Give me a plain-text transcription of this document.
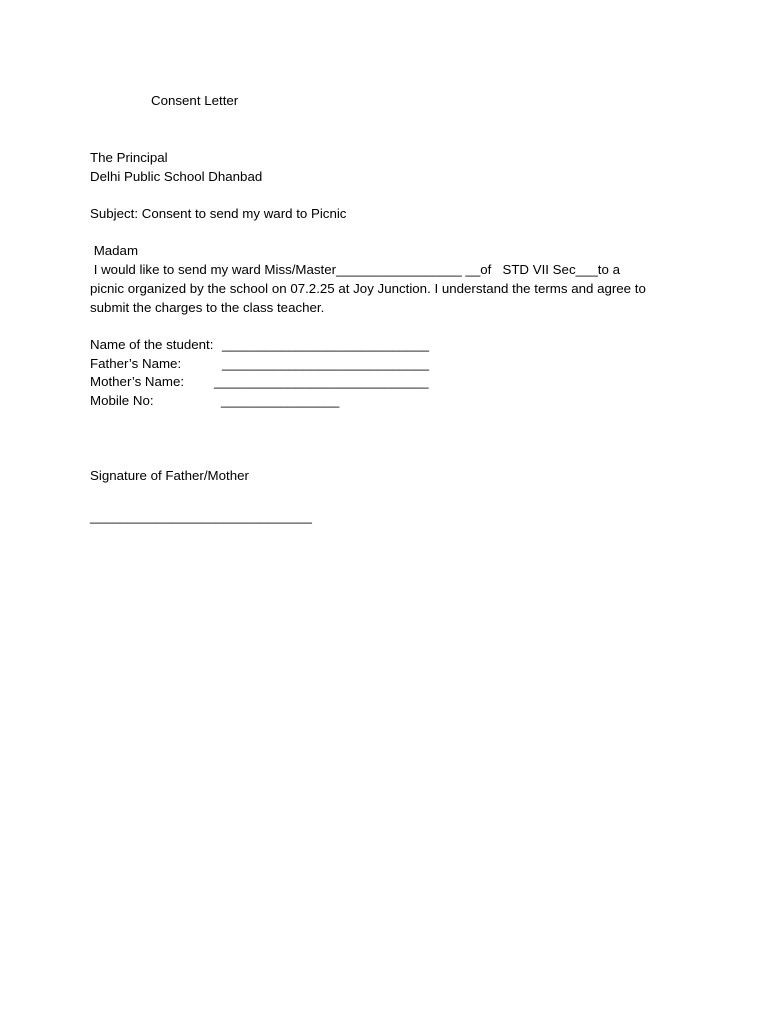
Consent Letter
The Principal
Delhi Public School Dhanbad
Subject: Consent to send my ward to Picnic
Madam
I would like to send my ward Miss/Master_________________ __of   STD VII Sec___to a
picnic organized by the school on 07.2.25 at Joy Junction. I understand the terms and agree to
submit the charges to the class teacher.

Name of the student:

____________________________

Father’s Name:

	____________________________

Mother’s Name:

_____________________________

Mobile No:

	________________

Signature of Father/Mother
______________________________
